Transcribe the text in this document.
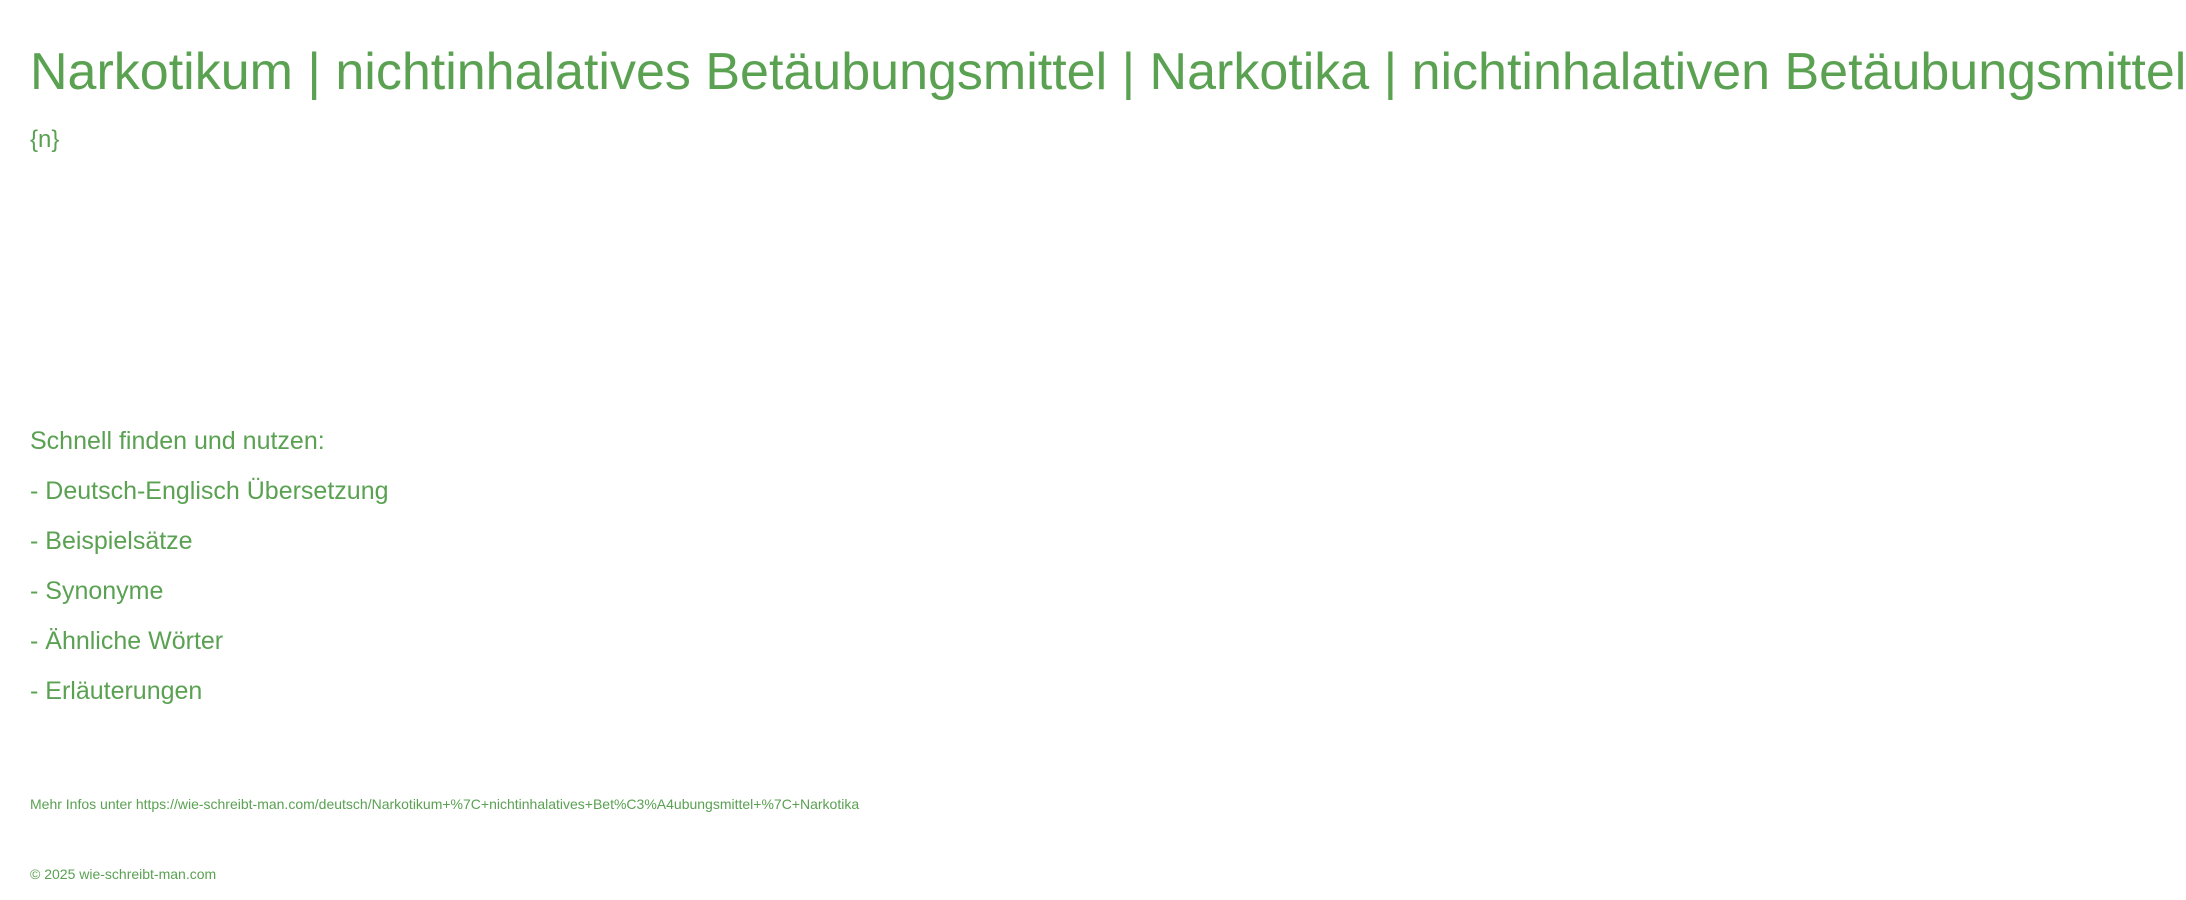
Narkotikum | nichtinhalatives Betäubungsmittel | Narkotika | nichtinhalativen Betäubungsmittel
{n}
Schnell finden und nutzen:
- Deutsch-Englisch Übersetzung
- Beispielsätze
- Synonyme
- Ähnliche Wörter
- Erläuterungen
Mehr Infos unter https://wie-schreibt-man.com/deutsch/Narkotikum+%7C+nichtinhalatives+Bet%C3%A4ubungsmittel+%7C+Narkotika
© 2025 wie-schreibt-man.com
